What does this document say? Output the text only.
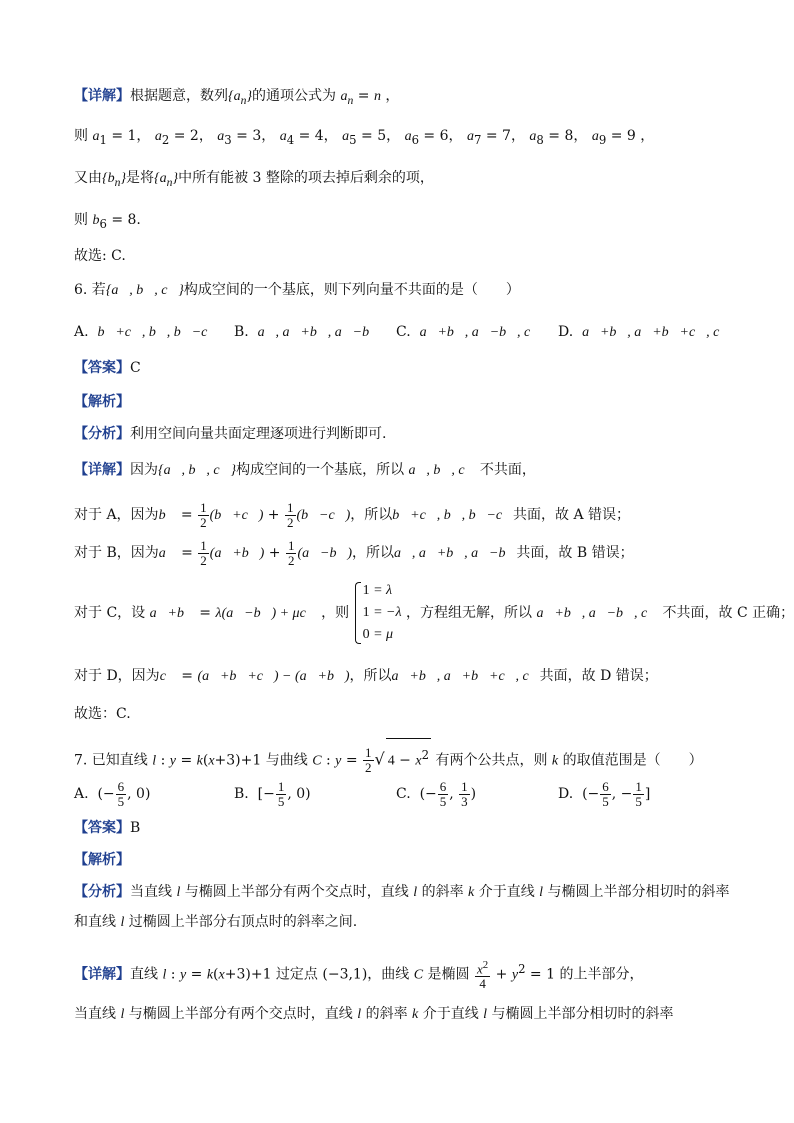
【详解】根据题意，数列$\{a_n\}$的通项公式为 $a_n = n$ ，
则 $a_1 = 1$， $a_2 = 2$， $a_3 = 3$， $a_4 = 4$， $a_5 = 5$， $a_6 = 6$， $a_7 = 7$， $a_8 = 8$， $a_9 = 9$ ，
又由$\{b_n\}$是将$\{a_n\}$中所有能被 3 整除的项去掉后剩余的项，
则 $b_6 = 8$.
故选: C.
6. 若{a⃗, b⃗, c⃗}构成空间的一个基底，则下列向量不共面的是（　　）
A.  b⃗+c⃗, b⃗, b⃗−c⃗ B.  a⃗, a⃗+b⃗, a⃗−b⃗ C.  a⃗+b⃗, a⃗−b⃗, c⃗ D.  a⃗+b⃗, a⃗+b⃗+c⃗, c⃗
【答案】C
【解析】
【分析】利用空间向量共面定理逐项进行判断即可.
【详解】因为{a⃗, b⃗, c⃗}构成空间的一个基底，所以 a⃗, b⃗, c⃗ 不共面，
对于 A，因为b⃗ = $\frac{1}{2}$ (b⃗+c⃗) + $\frac{1}{2}$ (b⃗−c⃗)，所以b⃗+c⃗, b⃗, b⃗−c⃗共面，故 A 错误；
对于 B，因为a⃗ = $\frac{1}{2}$ (a⃗+b⃗) + $\frac{1}{2}$ (a⃗−b⃗)，所以a⃗, a⃗+b⃗, a⃗−b⃗共面，故 B 错误；
对于 C，设 a⃗+b⃗ = λ(a⃗−b⃗) + μc⃗ ，则 1 = λ
1 = −λ
0 = μ ，方程组无解，所以 a⃗+b⃗, a⃗−b⃗, c⃗ 不共面，故 C 正确；
对于 D，因为c⃗ = (a⃗+b⃗+c⃗) − (a⃗+b⃗)，所以a⃗+b⃗, a⃗+b⃗+c⃗, c⃗共面，故 D 错误；
故选：C.
7. 已知直线 l : y = k(x+3)+1 与曲线 C : $y = \frac{1}{2}$ √ $4 - x^2$ 有两个公共点，则 k 的取值范围是（　　）
A.  (− $\frac{6}{5}$ , 0)	B.  [− $\frac{1}{5}$ , 0)	C.  (− $\frac{6}{5}$ , $\frac{1}{3}$ )	D.  (− $\frac{6}{5}$ , − $\frac{1}{5}$ ]
【答案】B
【解析】
【分析】当直线 l 与椭圆上半部分有两个交点时，直线 l 的斜率 k 介于直线 l 与椭圆上半部分相切时的斜率
和直线 l 过椭圆上半部分右顶点时的斜率之间.
【详解】直线 l : y = k(x+3)+1 过定点 (−3,1)，曲线 C 是椭圆 $\frac{x^2}{4} + y^2 = 1$ 的上半部分，
当直线 l 与椭圆上半部分有两个交点时，直线 l 的斜率 k 介于直线 l 与椭圆上半部分相切时的斜率
